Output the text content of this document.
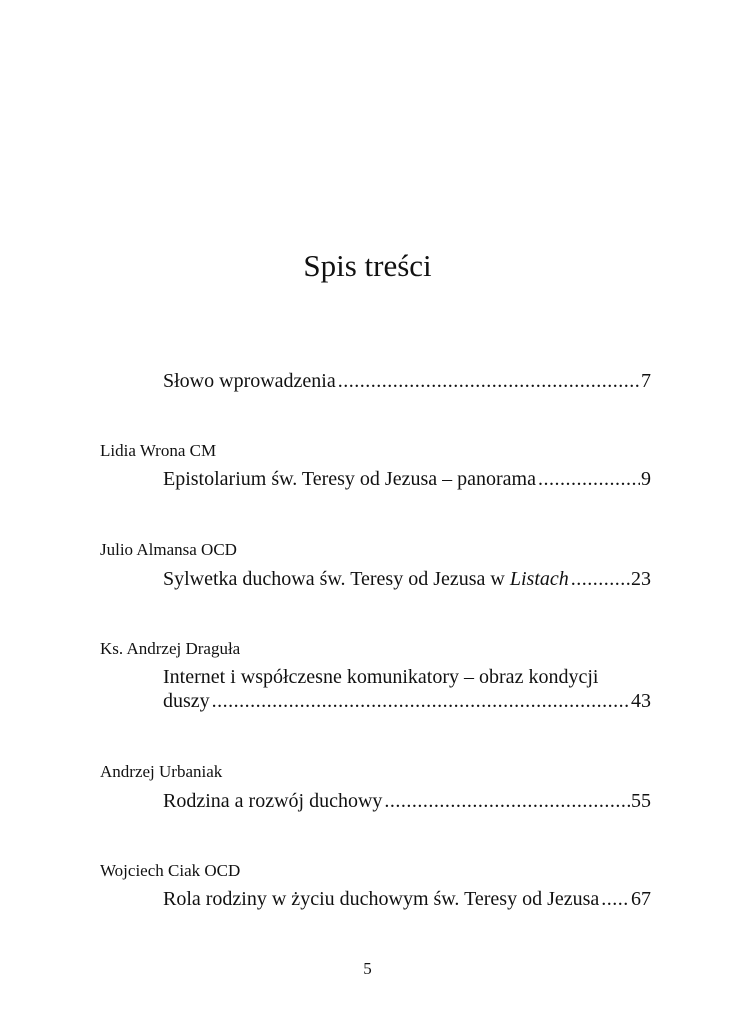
Spis treści
Słowo wprowadzenia .....	7
Lidia Wrona CM
Epistolarium św. Teresy od Jezusa – panorama .....	9
Julio Almansa OCD
Sylwetka duchowa św. Teresy od Jezusa w Listach .....	23
Ks. Andrzej Draguła
Internet i współczesne komunikatory – obraz kondycji
duszy .....	43
Andrzej Urbaniak
Rodzina a rozwój duchowy .....	55
Wojciech Ciak OCD
Rola rodziny w życiu duchowym św. Teresy od Jezusa ..... 67
5
